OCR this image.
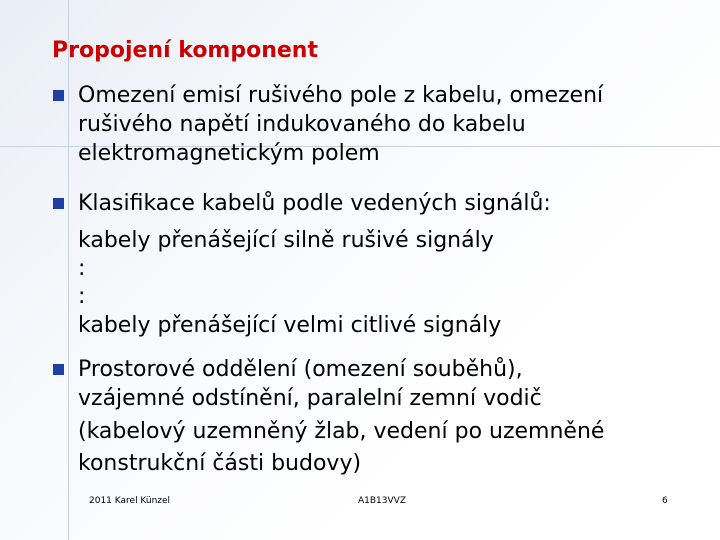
Propojení komponent
Omezení emisí rušivého pole z kabelu, omezení
rušivého napětí indukovaného do kabelu
elektromagnetickým polem
Klasifikace kabelů podle vedených signálů:
kabely přenášející silně rušivé signály
:
:
kabely přenášející velmi citlivé signály
Prostorové oddělení (omezení souběhů),
vzájemné odstínění, paralelní zemní vodič
(kabelový uzemněný žlab, vedení po uzemněné
konstrukční části budovy)
2011 Karel Künzel	A1B13VVZ	6
